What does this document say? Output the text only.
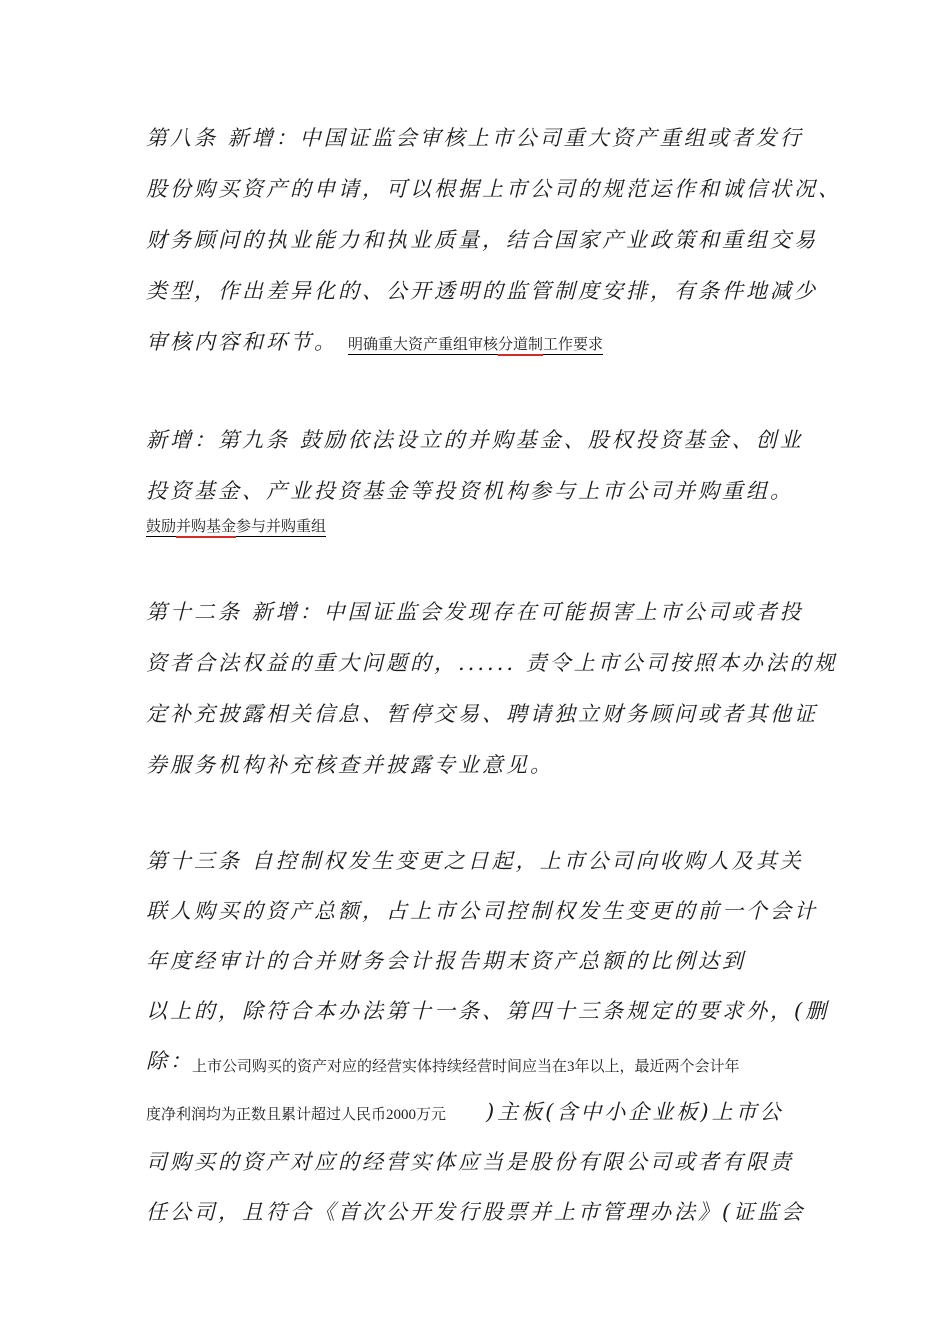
第八条 新增：中国证监会审核上市公司重大资产重组或者发行

股份购买资产的申请，可以根据上市公司的规范运作和诚信状况、

财务顾问的执业能力和执业质量，结合国家产业政策和重组交易

类型，作出差异化的、公开透明的监管制度安排，有条件地减少

审核内容和环节。 明确重大资产重组审核分道制工作要求

新增：第九条 鼓励依法设立的并购基金、股权投资基金、创业

投资基金、产业投资基金等投资机构参与上市公司并购重组。

鼓励并购基金参与并购重组

第十二条 新增：中国证监会发现存在可能损害上市公司或者投

资者合法权益的重大问题的，...... 责令上市公司按照本办法的规

定补充披露相关信息、暂停交易、聘请独立财务顾问或者其他证

券服务机构补充核查并披露专业意见。

第十三条 自控制权发生变更之日起，上市公司向收购人及其关

联人购买的资产总额，占上市公司控制权发生变更的前一个会计

年度经审计的合并财务会计报告期末资产总额的比例达到

以上的，除符合本办法第十一条、第四十三条规定的要求外，(删

除：

上市公司购买的资产对应的经营实体持续经营时间应当在3年以上，最近两个会计年

度净利润均为正数且累计超过人民币2000万元 )主板(含中小企业板)上市公

司购买的资产对应的经营实体应当是股份有限公司或者有限责

任公司，且符合《首次公开发行股票并上市管理办法》(证监会
